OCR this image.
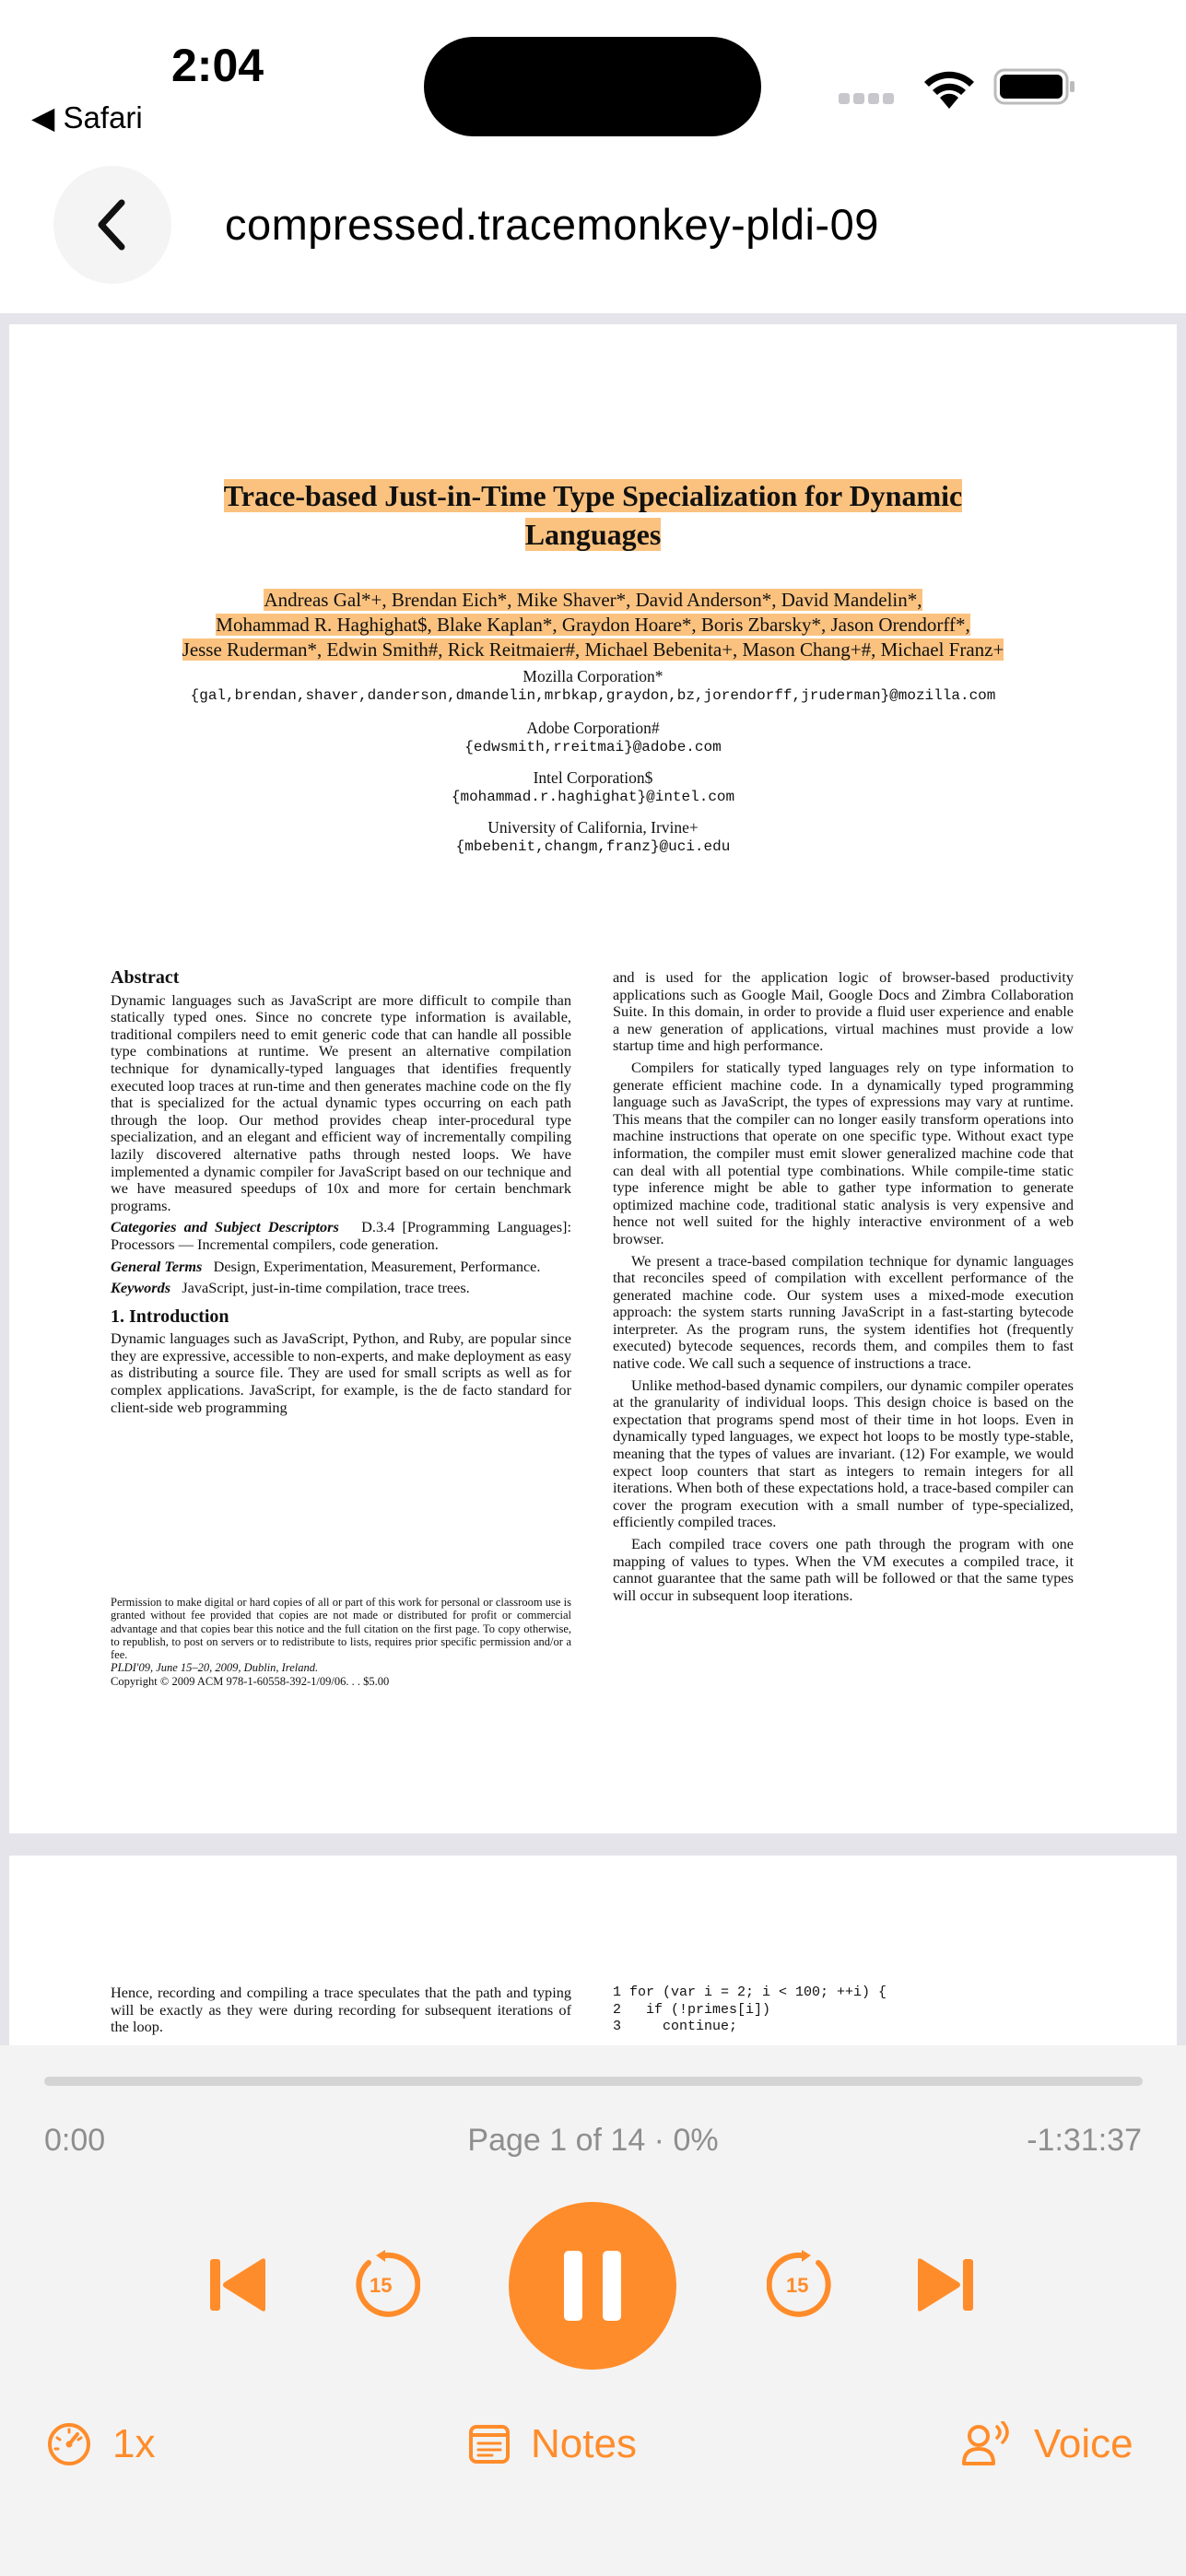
2:04
◀ Safari
compressed.tracemonkey-pldi-09
Trace-based Just-in-Time Type Specialization for Dynamic
Languages
Andreas Gal*+, Brendan Eich*, Mike Shaver*, David Anderson*, David Mandelin*,
Mohammad R. Haghighat$, Blake Kaplan*, Graydon Hoare*, Boris Zbarsky*, Jason Orendorff*,
Jesse Ruderman*, Edwin Smith#, Rick Reitmaier#, Michael Bebenita+, Mason Chang+#, Michael Franz+
Mozilla Corporation*
{gal,brendan,shaver,danderson,dmandelin,mrbkap,graydon,bz,jorendorff,jruderman}@mozilla.com
Adobe Corporation#
{edwsmith,rreitmai}@adobe.com
Intel Corporation$
{mohammad.r.haghighat}@intel.com
University of California, Irvine+
{mbebenit,changm,franz}@uci.edu
Abstract

Dynamic languages such as JavaScript are more difficult to compile than statically typed ones. Since no concrete type information is available, traditional compilers need to emit generic code that can handle all possible type combinations at runtime. We present an alternative compilation technique for dynamically-typed languages that identifies frequently executed loop traces at run-time and then generates machine code on the fly that is specialized for the actual dynamic types occurring on each path through the loop. Our method provides cheap inter-procedural type specialization, and an elegant and efficient way of incrementally compiling lazily discovered alternative paths through nested loops. We have implemented a dynamic compiler for JavaScript based on our technique and we have measured speedups of 10x and more for certain benchmark programs.

Categories and Subject Descriptors D.3.4 [Programming Languages]: Processors — Incremental compilers, code generation.

General Terms Design, Experimentation, Measurement, Performance.

Keywords JavaScript, just-in-time compilation, trace trees.

1. Introduction

Dynamic languages such as JavaScript, Python, and Ruby, are popular since they are expressive, accessible to non-experts, and make deployment as easy as distributing a source file. They are used for small scripts as well as for complex applications. JavaScript, for example, is the de facto standard for client-side web programming

Permission to make digital or hard copies of all or part of this work for personal or classroom use is granted without fee provided that copies are not made or distributed for profit or commercial advantage and that copies bear this notice and the full citation on the first page. To copy otherwise, to republish, to post on servers or to redistribute to lists, requires prior specific permission and/or a fee.
PLDI'09, June 15–20, 2009, Dublin, Ireland.
Copyright © 2009 ACM 978-1-60558-392-1/09/06. . . $5.00

and is used for the application logic of browser-based productivity applications such as Google Mail, Google Docs and Zimbra Collaboration Suite. In this domain, in order to provide a fluid user experience and enable a new generation of applications, virtual machines must provide a low startup time and high performance.

Compilers for statically typed languages rely on type information to generate efficient machine code. In a dynamically typed programming language such as JavaScript, the types of expressions may vary at runtime. This means that the compiler can no longer easily transform operations into machine instructions that operate on one specific type. Without exact type information, the compiler must emit slower generalized machine code that can deal with all potential type combinations. While compile-time static type inference might be able to gather type information to generate optimized machine code, traditional static analysis is very expensive and hence not well suited for the highly interactive environment of a web browser.

We present a trace-based compilation technique for dynamic languages that reconciles speed of compilation with excellent performance of the generated machine code. Our system uses a mixed-mode execution approach: the system starts running JavaScript in a fast-starting bytecode interpreter. As the program runs, the system identifies hot (frequently executed) bytecode sequences, records them, and compiles them to fast native code. We call such a sequence of instructions a trace.

Unlike method-based dynamic compilers, our dynamic compiler operates at the granularity of individual loops. This design choice is based on the expectation that programs spend most of their time in hot loops. Even in dynamically typed languages, we expect hot loops to be mostly type-stable, meaning that the types of values are invariant. (12) For example, we would expect loop counters that start as integers to remain integers for all iterations. When both of these expectations hold, a trace-based compiler can cover the program execution with a small number of type-specialized, efficiently compiled traces.

Each compiled trace covers one path through the program with one mapping of values to types. When the VM executes a compiled trace, it cannot guarantee that the same path will be followed or that the same types will occur in subsequent loop iterations.

Hence, recording and compiling a trace speculates that the path and typing will be exactly as they were during recording for subsequent iterations of the loop.
1 for (var i = 2; i < 100; ++i) {
2   if (!primes[i])
3     continue;
0:00	Page 1 of 14 · 0%	-1:31:37
15	15
1x	Notes	Voice
